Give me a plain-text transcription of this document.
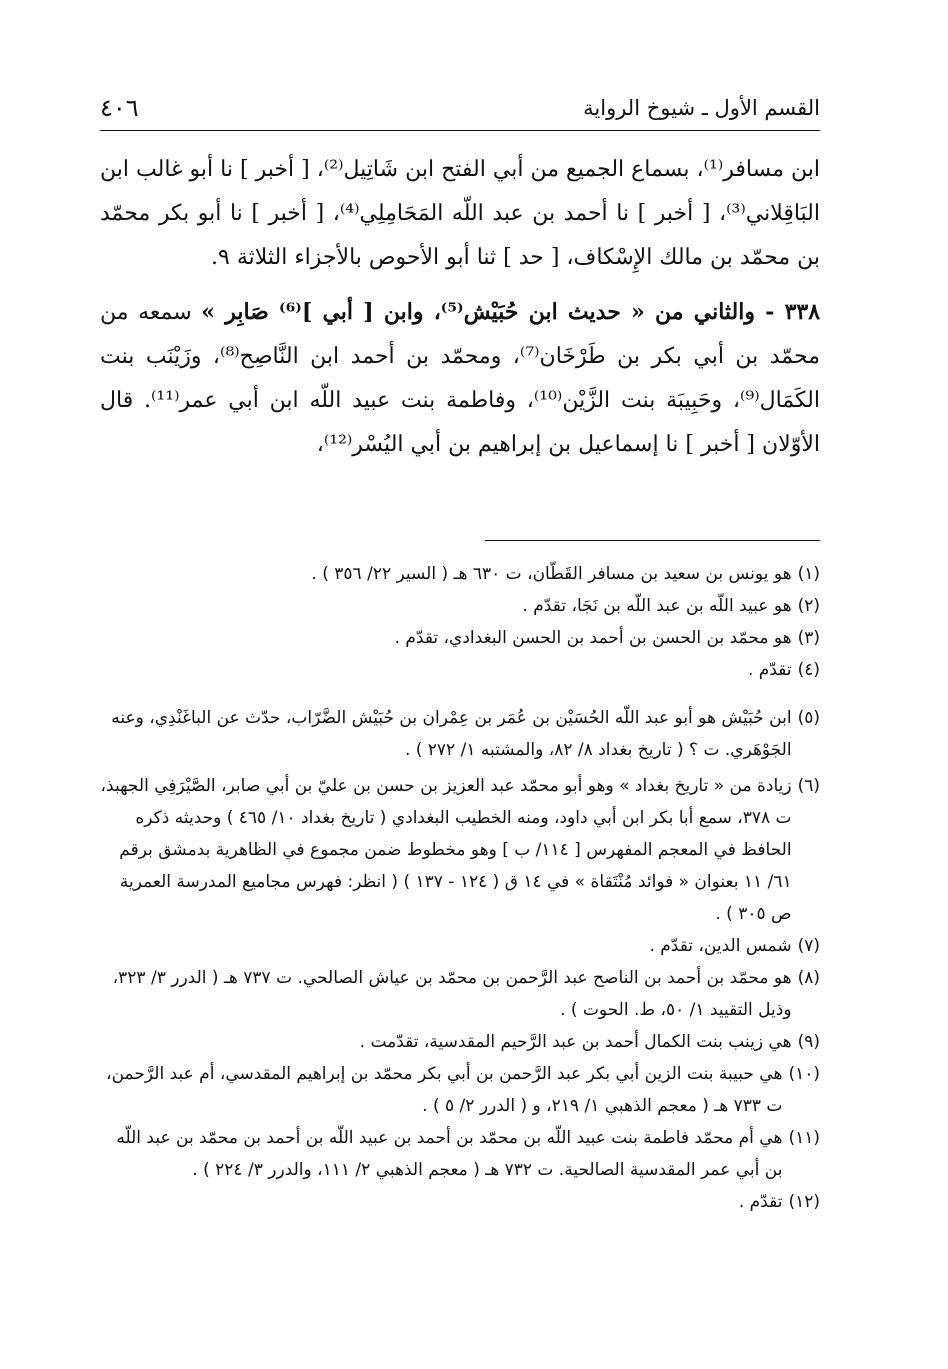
القسم الأول ـ شيوخ الرواية
٤٠٦

ابن مسافر⁽¹⁾، بسماع الجميع من أبي الفتح ابن شَاتِيل⁽²⁾، [ أخبر ] نا أبو غالب ابن البَاقِلاني⁽³⁾، [ أخبر ] نا أحمد بن عبد اللّه المَحَامِلِي⁽⁴⁾، [ أخبر ] نا أبو بكر محمّد بن محمّد بن مالك الإِسْكاف، [ حد ] ثنا أبو الأحوص بالأجزاء الثلاثة ٩.

٣٣٨ - والثاني من « حديث ابن حُبَيْش⁽⁵⁾، وابن [ أبي ]⁽⁶⁾ صَابِر » سمعه من محمّد بن أبي بكر بن طَرْخَان⁽⁷⁾، ومحمّد بن أحمد ابن النَّاصِح⁽⁸⁾، وزَيْنَب بنت الكَمَال⁽⁹⁾، وحَبِيبَة بنت الزَّيْن⁽¹⁰⁾، وفاطمة بنت عبيد اللّه ابن أبي عمر⁽¹¹⁾. قال الأوّلان [ أخبر ] نا إسماعيل بن إبراهيم بن أبي اليُسْر⁽¹²⁾،

(١)
هو يونس بن سعيد بن مسافر القَطّان، ت ٦٣٠ هـ ( السير ٢٢/ ٣٥٦ ) .
(٢)
هو عبيد اللّه بن عبد اللّه بن نَجَا، تقدّم .
(٣)
هو محمّد بن الحسن بن أحمد بن الحسن البغدادي، تقدّم .
(٤)
تقدّم .
(٥)
ابن حُبَيْش هو أبو عبد اللّه الحُسَيْن بن عُمَر بن عِمْران بن حُبَيْش الضَّرّاب، حدّث عن الباغَنْدِي، وعنه الجَوْهَري. ت ؟ ( تاريخ بغداد ٨/ ٨٢، والمشتبه ١/ ٢٧٢ ) .
(٦)
زيادة من « تاريخ بغداد » وهو أبو محمّد عبد العزيز بن حسن بن عليّ بن أبي صابر، الصَّيْرَفِي الجهبذ، ت ٣٧٨، سمع أبا بكر ابن أبي داود، ومنه الخطيب البغدادي ( تاريخ بغداد ١٠/ ٤٦٥ ) وحديثه ذكره الحافظ في المعجم المفهرس [ ١١٤/ ب ] وهو مخطوط ضمن مجموع في الظاهرية بدمشق برقم ٦١/ ١١ بعنوان « فوائد مُنْتَقاة » في ١٤ ق ( ١٢٤ - ١٣٧ ) ( انظر: فهرس مجاميع المدرسة العمرية ص ٣٠٥ ) .
(٧)
شمس الدين، تقدّم .
(٨)
هو محمّد بن أحمد بن الناصح عبد الرَّحمن بن محمّد بن عياش الصالحي. ت ٧٣٧ هـ ( الدرر ٣/ ٣٢٣، وذيل التقييد ١/ ٥٠، ط. الحوت ) .
(٩)
هي زينب بنت الكمال أحمد بن عبد الرَّحيم المقدسية، تقدّمت .
(١٠)
هي حبيبة بنت الزين أبي بكر عبد الرَّحمن بن أبي بكر محمّد بن إبراهيم المقدسي، أم عبد الرَّحمن، ت ٧٣٣ هـ ( معجم الذهبي ١/ ٢١٩، و ( الدرر ٢/ ٥ ) .
(١١)
هي أم محمّد فاطمة بنت عبيد اللّه بن محمّد بن أحمد بن عبيد اللّه بن أحمد بن محمّد بن عبد اللّه بن أبي عمر المقدسية الصالحية. ت ٧٣٢ هـ ( معجم الذهبي ٢/ ١١١، والدرر ٣/ ٢٢٤ ) .
(١٢)
تقدّم .
